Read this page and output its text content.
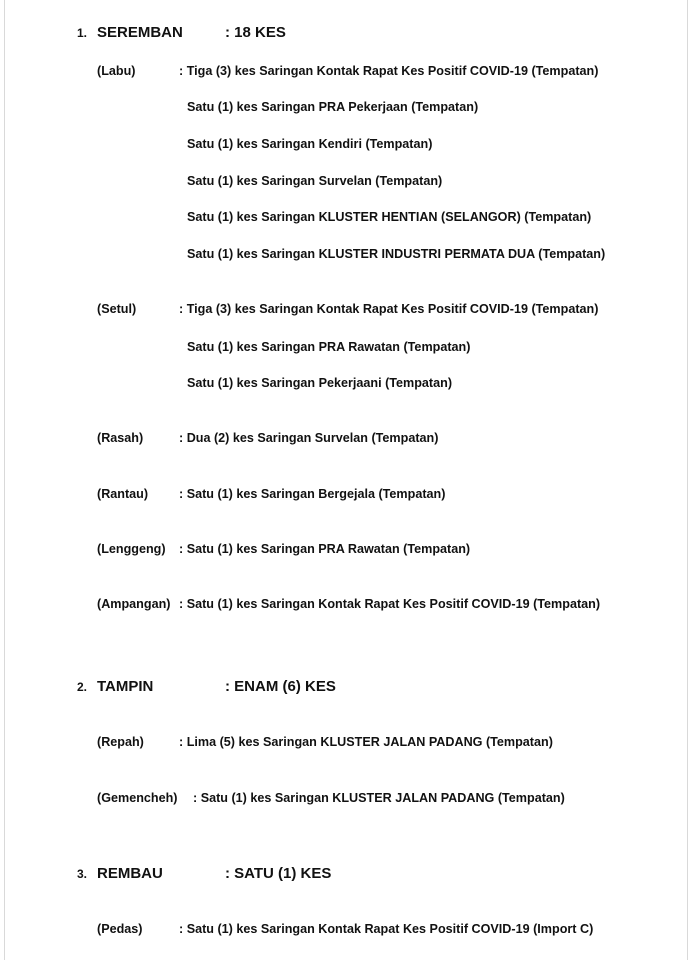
1. SEREMBAN	: 18 KES
(Labu)	: Tiga (3) kes Saringan Kontak Rapat Kes Positif COVID-19 (Tempatan)
Satu (1) kes Saringan PRA Pekerjaan (Tempatan)
Satu (1) kes Saringan Kendiri (Tempatan)
Satu (1) kes Saringan Survelan (Tempatan)
Satu (1) kes Saringan KLUSTER HENTIAN (SELANGOR) (Tempatan)
Satu (1) kes Saringan KLUSTER INDUSTRI PERMATA DUA (Tempatan)
(Setul)	: Tiga (3) kes Saringan Kontak Rapat Kes Positif COVID-19 (Tempatan)
Satu (1) kes Saringan PRA Rawatan (Tempatan)
Satu (1) kes Saringan Pekerjaani (Tempatan)
(Rasah)	: Dua (2) kes Saringan Survelan (Tempatan)
(Rantau) : Satu (1) kes Saringan Bergejala (Tempatan)
(Lenggeng) : Satu (1) kes Saringan PRA Rawatan (Tempatan)
(Ampangan) : Satu (1) kes Saringan Kontak Rapat Kes Positif COVID-19 (Tempatan)
2. TAMPIN	: ENAM (6) KES
(Repah)	: Lima (5) kes Saringan KLUSTER JALAN PADANG (Tempatan)
(Gemencheh) : Satu (1) kes Saringan KLUSTER JALAN PADANG (Tempatan)
3. REMBAU	: SATU (1) KES
(Pedas)	: Satu (1) kes Saringan Kontak Rapat Kes Positif COVID-19 (Import C)
